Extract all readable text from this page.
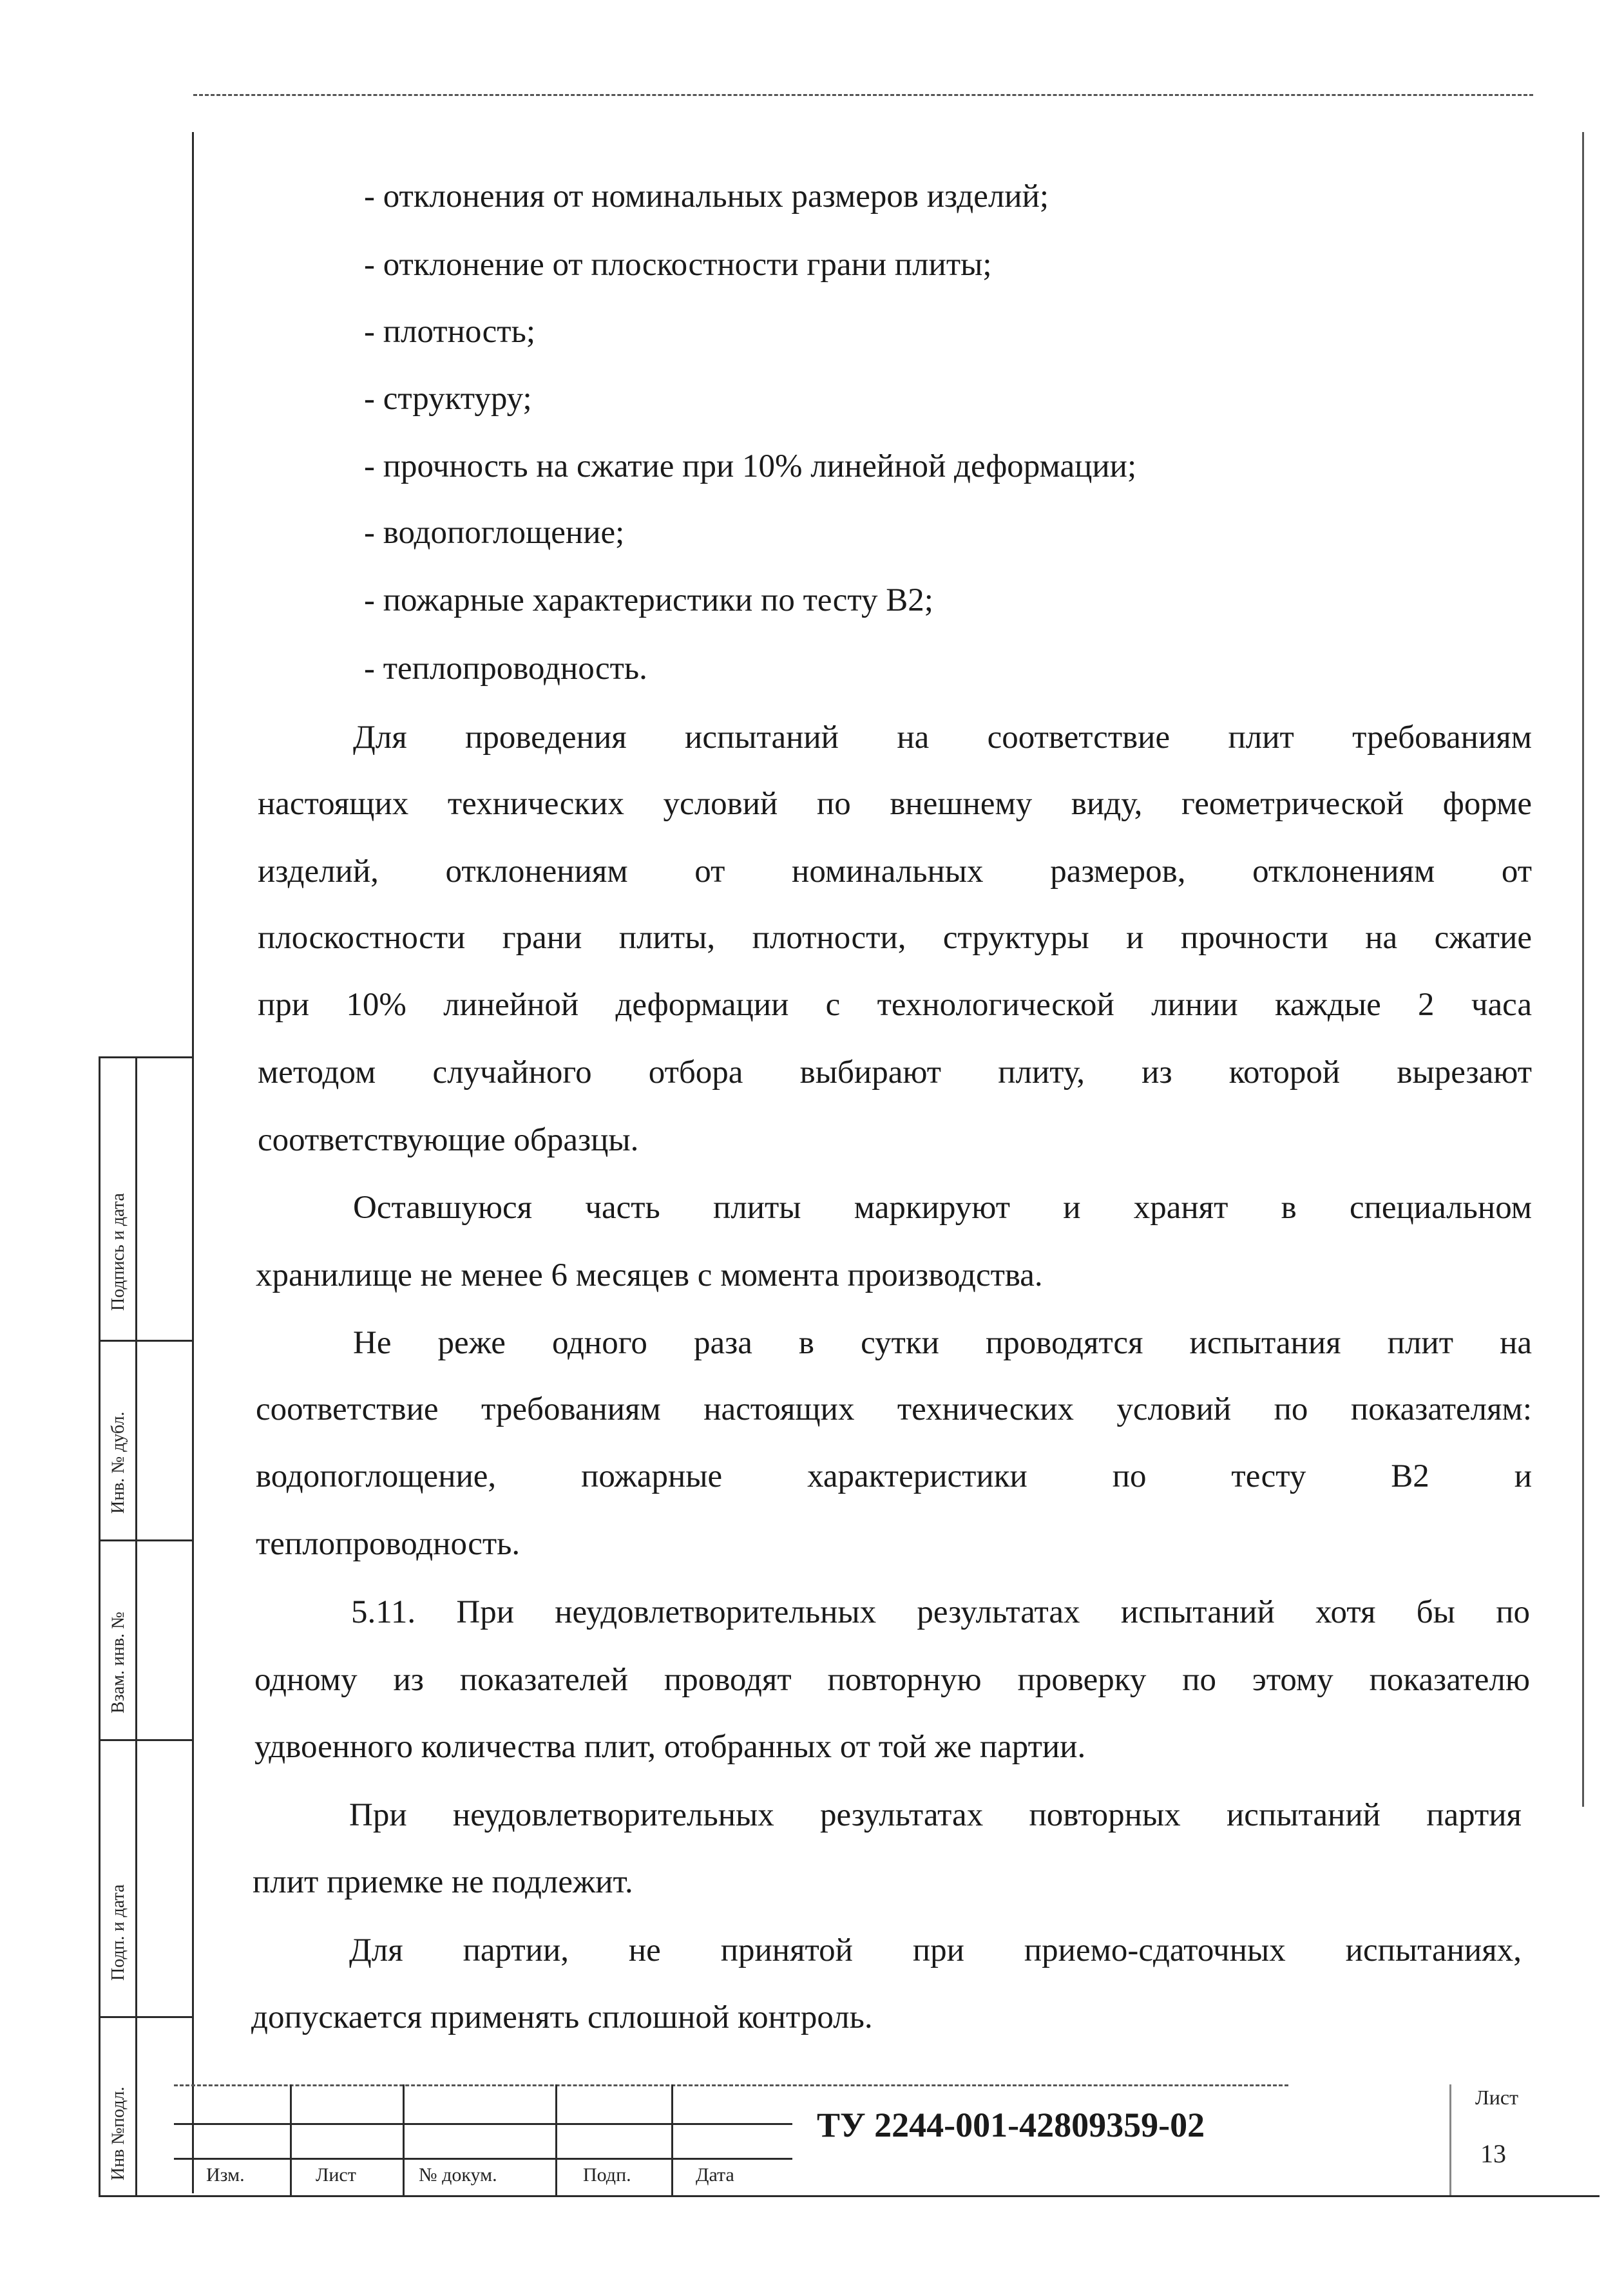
- отклонения от номинальных размеров изделий;
- отклонение от плоскостности грани плиты;
- плотность;
- структуру;
- прочность на сжатие при 10% линейной деформации;
- водопоглощение;
- пожарные характеристики по тесту В2;
- теплопроводность.
Для проведения испытаний на соответствие плит требованиям
настоящих технических условий по внешнему виду, геометрической форме
изделий, отклонениям от номинальных размеров, отклонениям от
плоскостности грани плиты, плотности, структуры и прочности на сжатие
при 10% линейной деформации с технологической линии каждые 2 часа
методом случайного отбора выбирают плиту, из которой вырезают
соответствующие образцы.
Оставшуюся часть плиты маркируют и хранят в специальном
хранилище не менее 6 месяцев с момента производства.
Не реже одного раза в сутки проводятся испытания плит на
соответствие требованиям настоящих технических условий по показателям:
водопоглощение, пожарные характеристики по тесту В2 и
теплопроводность.
5.11. При неудовлетворительных результатах испытаний хотя бы по
одному из показателей проводят повторную проверку по этому показателю
удвоенного количества плит, отобранных от той же партии.
При неудовлетворительных результатах повторных испытаний партия
плит приемке не подлежит.
Для партии, не принятой при приемо-сдаточных испытаниях,
допускается применять сплошной контроль.
Подпись и дата
Инв. № дубл.
Взам. инв. №
Подп. и дата
Инв №подл.	Изм.	Лист	№ докум.	Подп.	Дата
ТУ 2244-001-42809359-02
Лист
13
